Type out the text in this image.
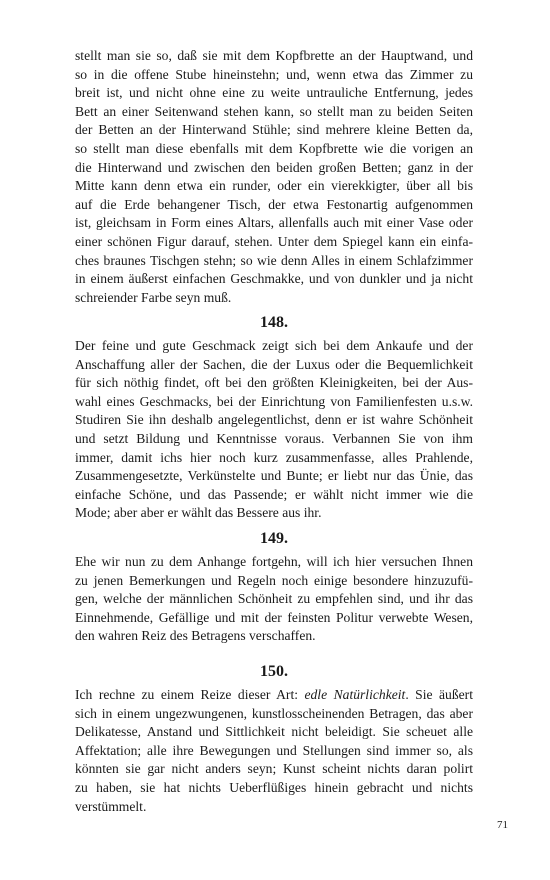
stellt man sie so, daß sie mit dem Kopfbrette an der Hauptwand, und
so in die offene Stube hineinstehn; und, wenn etwa das Zimmer zu
breit ist, und nicht ohne eine zu weite untrauliche Entfernung, jedes
Bett an einer Seitenwand stehen kann, so stellt man zu beiden Seiten
der Betten an der Hinterwand Stühle; sind mehrere kleine Betten da,
so stellt man diese ebenfalls mit dem Kopfbrette wie die vorigen an
die Hinterwand und zwischen den beiden großen Betten; ganz in der
Mitte kann denn etwa ein runder, oder ein vierekkigter, über all bis
auf die Erde behangener Tisch, der etwa Festonartig aufgenommen
ist, gleichsam in Form eines Altars, allenfalls auch mit einer Vase oder
einer schönen Figur darauf, stehen. Unter dem Spiegel kann ein einfa-
ches braunes Tischgen stehn; so wie denn Alles in einem Schlafzimmer
in einem äußerst einfachen Geschmakke, und von dunkler und ja nicht
schreiender Farbe seyn muß.
148.
Der feine und gute Geschmack zeigt sich bei dem Ankaufe und der
Anschaffung aller der Sachen, die der Luxus oder die Bequemlichkeit
für sich nöthig findet, oft bei den größten Kleinigkeiten, bei der Aus-
wahl eines Geschmacks, bei der Einrichtung von Familienfesten u.s.w.
Studiren Sie ihn deshalb angelegentlichst, denn er ist wahre Schönheit
und setzt Bildung und Kenntnisse voraus. Verbannen Sie von ihm
immer, damit ichs hier noch kurz zusammenfasse, alles Prahlende,
Zusammengesetzte, Verkünstelte und Bunte; er liebt nur das Ünie, das
einfache Schöne, und das Passende; er wählt nicht immer wie die
Mode; aber aber er wählt das Bessere aus ihr.
149.
Ehe wir nun zu dem Anhange fortgehn, will ich hier versuchen Ihnen
zu jenen Bemerkungen und Regeln noch einige besondere hinzuzufü-
gen, welche der männlichen Schönheit zu empfehlen sind, und ihr das
Einnehmende, Gefällige und mit der feinsten Politur verwebte Wesen,
den wahren Reiz des Betragens verschaffen.
150.
Ich rechne zu einem Reize dieser Art: edle Natürlichkeit. Sie äußert
sich in einem ungezwungenen, kunstlosscheinenden Betragen, das aber
Delikatesse, Anstand und Sittlichkeit nicht beleidigt. Sie scheuet alle
Affektation; alle ihre Bewegungen und Stellungen sind immer so, als
könnten sie gar nicht anders seyn; Kunst scheint nichts daran polirt
zu haben, sie hat nichts Ueberflüßiges hinein gebracht und nichts
verstümmelt.
71
